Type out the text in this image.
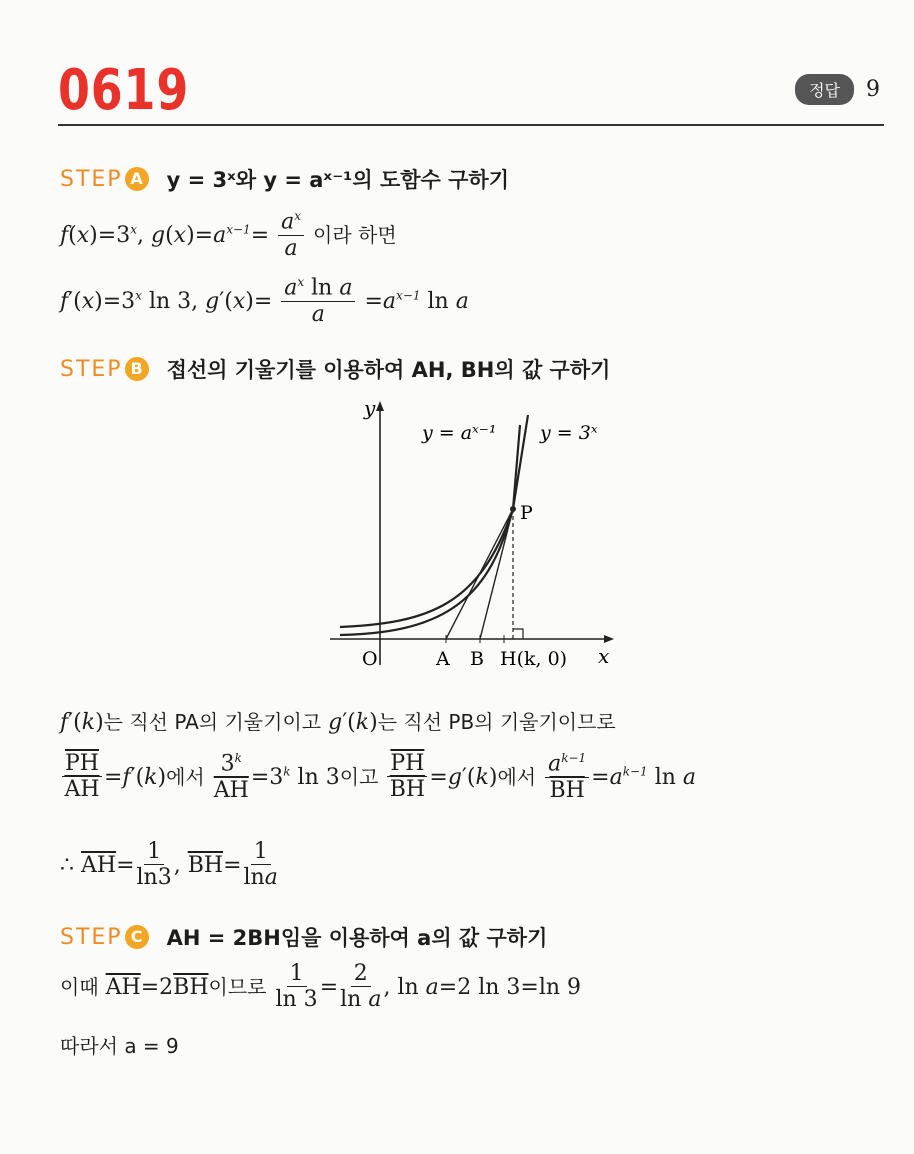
0619	정답	9
STEP A y = 3ˣ와 y = aˣ⁻¹의 도함수 구하기
$f(x)=3^x$, $g(x)=a^{x-1}= \frac{a^x}{a}$ 이라 하면
$f'(x)=3^x$ ln 3, $g'(x)= \frac{a^x \ln a}{a} =a^{x-1}$ ln a
STEP B 접선의 기울기를 이용하여 AH, BH의 값 구하기
y
x
y = aˣ⁻¹ y = 3ˣ
P
O	A B H(k, 0)
f′(k)는 직선 PA의 기울기이고 g′(k)는 직선 PB의 기울기이므로
$\frac{\overline{PH}}{AH} =f'(k)$에서 $\frac{3^k}{AH} =3^k$ ln 3이고 $\frac{\overline{PH}}{BH} =g'(k)$에서 $\frac{a^{k-1}}{BH} =a^{k-1}$ ln a
∴ $\overline{AH}= \frac{1}{\ln 3}$ , $\overline{BH}= \frac{1}{\ln a}$
STEP C AH = 2BH임을 이용하여 a의 값 구하기
이때 $\overline{AH}=2\overline{BH}$이므로 $\frac{1}{\ln 3} = \frac{2}{\text{ln a}}$ , ln a=2 ln 3=ln 9
따라서 a = 9
